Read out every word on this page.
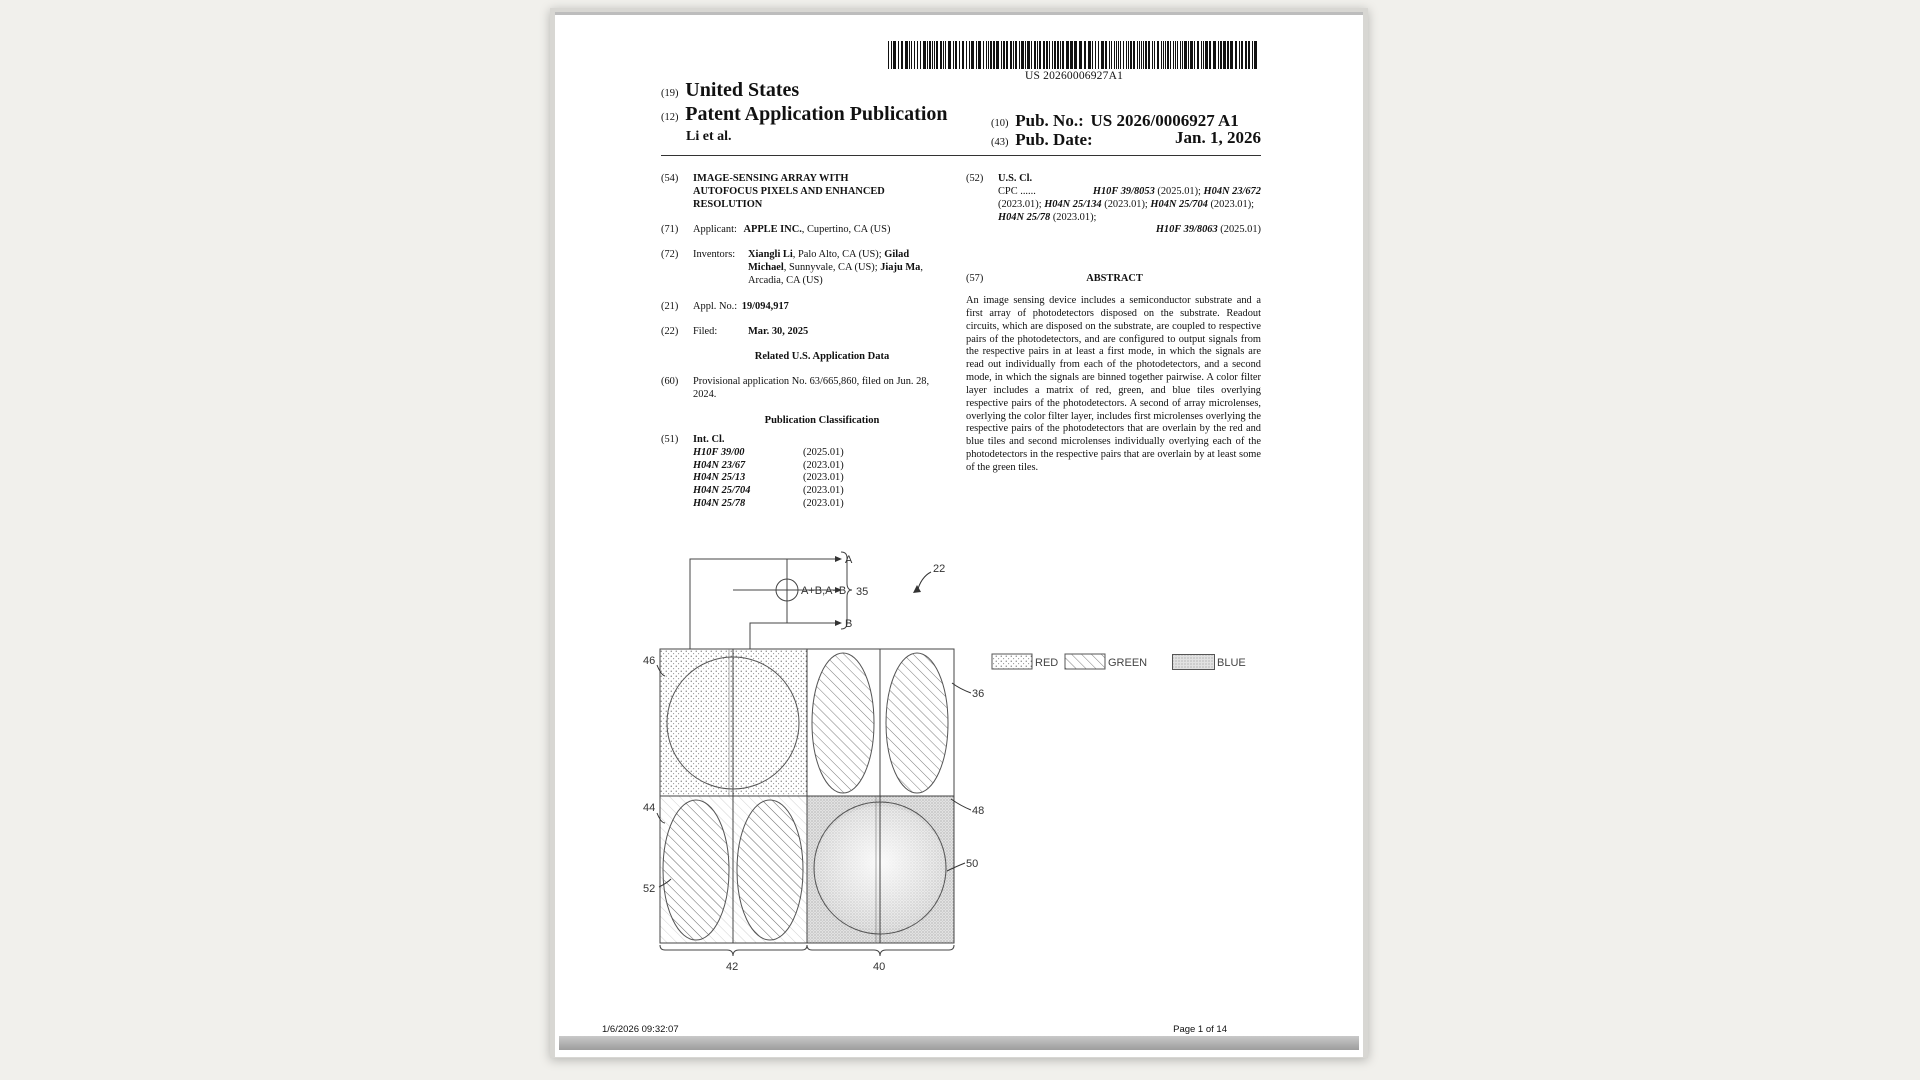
US 20260006927A1
(19) United States
(12) Patent Application Publication
Li et al.
(10) Pub. No.: US 2026/0006927 A1
(43) Pub. Date:	Jan. 1, 2026
(54)	IMAGE-SENSING ARRAY WITH AUTOFOCUS PIXELS AND ENHANCED RESOLUTION
(71)	Applicant: APPLE INC., Cupertino, CA (US)
(72)	Inventors:	Xiangli Li, Palo Alto, CA (US); Gilad Michael, Sunnyvale, CA (US); Jiaju Ma, Arcadia, CA (US)
(21)	Appl. No.: 19/094,917
(22)	Filed:	Mar. 30, 2025
Related U.S. Application Data
(60)	Provisional application No. 63/665,860, filed on Jun. 28, 2024.
Publication Classification
(51)	Int. Cl.
H10F 39/00	(2025.01)
H04N 23/67	(2023.01)
H04N 25/13	(2023.01)
H04N 25/704	(2023.01)
H04N 25/78	(2023.01)
(52)	U.S. Cl.
CPC ......	H10F 39/8053 (2025.01); H04N 23/672
(2023.01); H04N 25/134 (2023.01); H04N 25/704 (2023.01); H04N 25/78 (2023.01);
H10F 39/8063 (2025.01)
(57)	ABSTRACT
An image sensing device includes a semiconductor substrate and a first array of photodetectors disposed on the substrate. Readout circuits, which are disposed on the substrate, are coupled to respective pairs of the photodetectors, and are configured to output signals from the respective pairs in at least a first mode, in which the signals are read out individually from each of the photodetectors, and a second mode, in which the signals are binned together pairwise. A color filter layer includes a matrix of red, green, and blue tiles overlying respective pairs of the photodetectors. A second of array microlenses, overlying the color filter layer, includes first microlenses overlying the respective pairs of the photodetectors that are overlain by the red and blue tiles and second microlenses individually overlying each of the photodetectors in the respective pairs that are overlain by at least some of the green tiles.
A
A+B,A−B
B
35
22
46
36
44	48
52
50
42	40
RED	GREEN	BLUE
1/6/2026 09:32:07	Page 1 of 14
